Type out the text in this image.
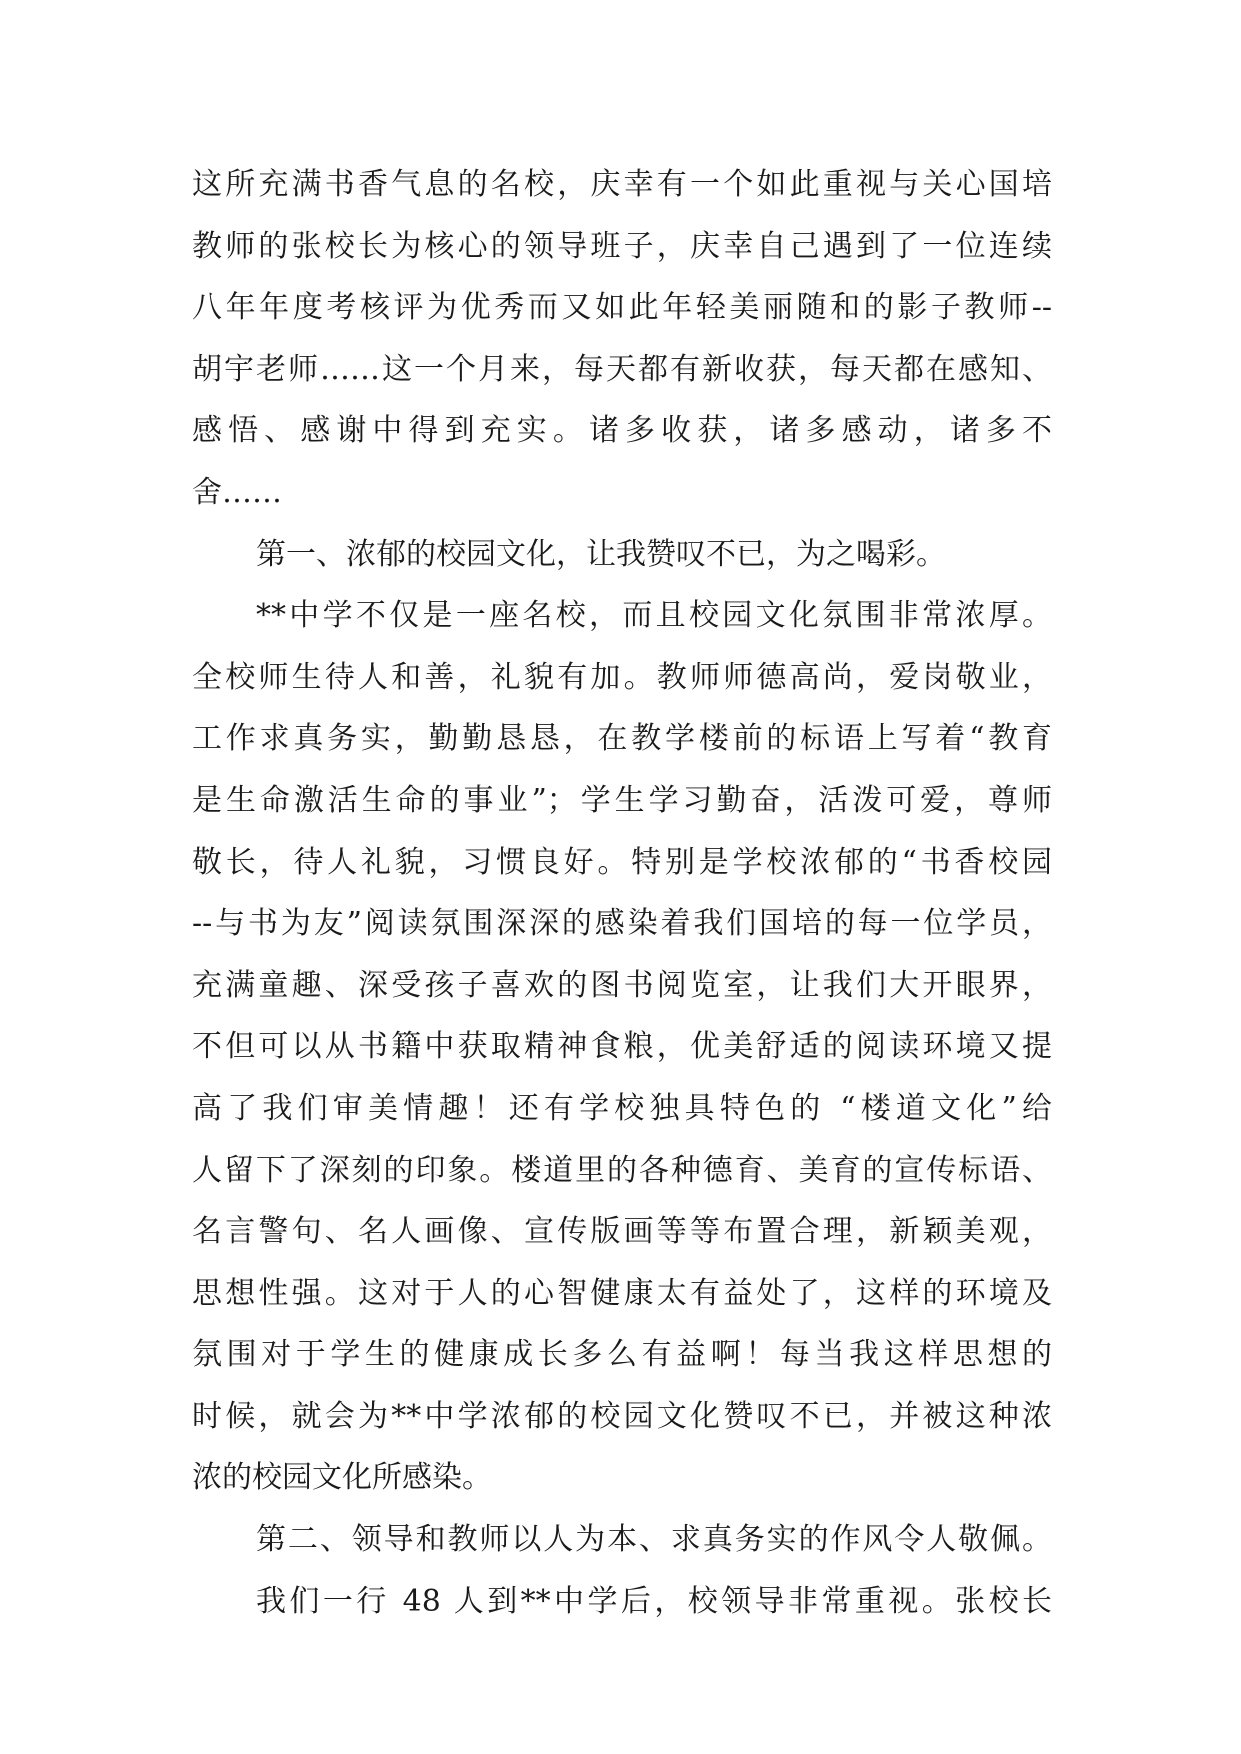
这所充满书香气息的名校，庆幸有一个如此重视与关心国培
教师的张校长为核心的领导班子，庆幸自己遇到了一位连续
八年年度考核评为优秀而又如此年轻美丽随和的影子教师--
胡宇老师……这一个月来，每天都有新收获，每天都在感知、
感悟、感谢中得到充实。诸多收获，诸多感动，诸多不
舍……
第一、浓郁的校园文化，让我赞叹不已，为之喝彩。
**中学不仅是一座名校，而且校园文化氛围非常浓厚。
全校师生待人和善，礼貌有加。教师师德高尚，爱岗敬业，
工作求真务实，勤勤恳恳，在教学楼前的标语上写着“教育
是生命激活生命的事业”；学生学习勤奋，活泼可爱，尊师
敬长，待人礼貌，习惯良好。特别是学校浓郁的“书香校园
--与书为友”阅读氛围深深的感染着我们国培的每一位学员，
充满童趣、深受孩子喜欢的图书阅览室，让我们大开眼界，
不但可以从书籍中获取精神食粮，优美舒适的阅读环境又提
高了我们审美情趣！还有学校独具特色的 “楼道文化”给
人留下了深刻的印象。楼道里的各种德育、美育的宣传标语、
名言警句、名人画像、宣传版画等等布置合理，新颖美观，
思想性强。这对于人的心智健康太有益处了，这样的环境及
氛围对于学生的健康成长多么有益啊！每当我这样思想的
时候，就会为**中学浓郁的校园文化赞叹不已，并被这种浓
浓的校园文化所感染。
第二、领导和教师以人为本、求真务实的作风令人敬佩。
我们一行 48 人到**中学后，校领导非常重视。张校长
